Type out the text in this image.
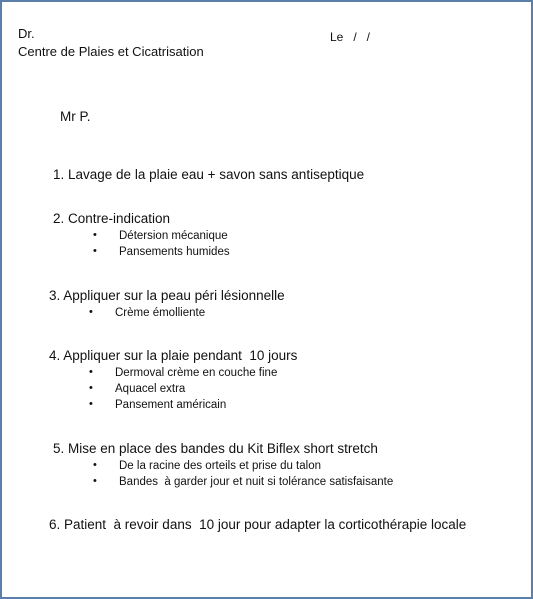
Dr.
Centre de Plaies et Cicatrisation
Le   /   /
Mr P.
1. Lavage de la plaie eau + savon sans antiseptique
2. Contre-indication
• Détersion mécanique
• Pansements humides
3. Appliquer sur la peau péri lésionnelle
• Crème émolliente
4. Appliquer sur la plaie pendant  10 jours
• Dermoval crème en couche fine
• Aquacel extra
• Pansement américain
5. Mise en place des bandes du Kit Biflex short stretch
• De la racine des orteils et prise du talon
• Bandes  à garder jour et nuit si tolérance satisfaisante
6. Patient  à revoir dans  10 jour pour adapter la corticothérapie locale
